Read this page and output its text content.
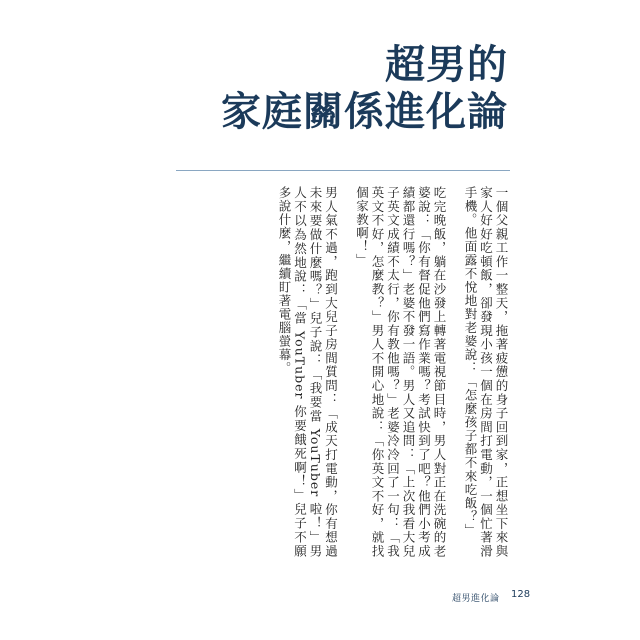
超男的
家庭關係進化論

一個父親工作一整天，拖著疲憊的身子回到家，正想坐下來與家人好好吃頓飯，卻發現小孩一個在房間打電動，一個忙著滑手機。他面露不悅地對老婆說：「怎麼孩子都不來吃飯？」

吃完晚飯，躺在沙發上轉著電視節目時，男人對正在洗碗的老婆說：「你有督促他們寫作業嗎？考試快到了吧？他們小考成績都還行嗎？」老婆不發一語。男人又追問：「上次我看大兒子英文成績不太行，你有教他嗎？」老婆冷冷回了一句：「我英文不好，怎麼教？」男人不開心地說：「你英文不好，就找個家教啊！」

男人氣不過，跑到大兒子房間質問：「成天打電動，你有想過未來要做什麼嗎？」兒子說：「我要當 YouTuber 啦！」男人不以為然地說：「當 YouTuber 你要餓死啊！」兒子不願多說什麼，繼續盯著電腦螢幕。

超男進化論 128
